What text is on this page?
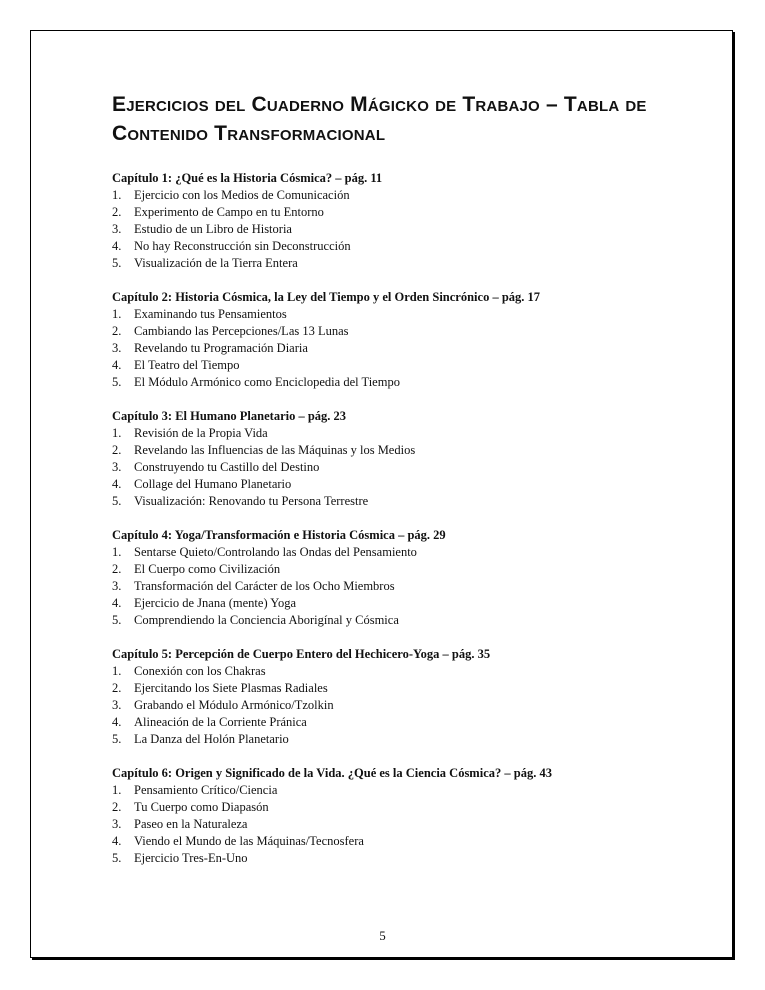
Ejercicios del Cuaderno Mágicko de Trabajo – Tabla de Contenido Transformacional
Capítulo 1: ¿Qué es la Historia Cósmica? – pág. 11
1.	Ejercicio con los Medios de Comunicación
2.	Experimento de Campo en tu Entorno
3.	Estudio de un Libro de Historia
4.	No hay Reconstrucción sin Deconstrucción
5.	Visualización de la Tierra Entera
Capítulo 2: Historia Cósmica, la Ley del Tiempo y el Orden Sincrónico – pág. 17
1.	Examinando tus Pensamientos
2.	Cambiando las Percepciones/Las 13 Lunas
3.	Revelando tu Programación Diaria
4.	El Teatro del Tiempo
5.	El Módulo Armónico como Enciclopedia del Tiempo
Capítulo 3: El Humano Planetario – pág. 23
1.	Revisión de la Propia Vida
2.	Revelando las Influencias de las Máquinas y los Medios
3.	Construyendo tu Castillo del Destino
4.	Collage del Humano Planetario
5.	Visualización: Renovando tu Persona Terrestre
Capítulo 4: Yoga/Transformación e Historia Cósmica – pág. 29
1.	Sentarse Quieto/Controlando las Ondas del Pensamiento
2.	El Cuerpo como Civilización
3.	Transformación del Carácter de los Ocho Miembros
4.	Ejercicio de Jnana (mente) Yoga
5.	Comprendiendo la Conciencia Aborigínal y Cósmica
Capítulo 5: Percepción de Cuerpo Entero del Hechicero-Yoga – pág. 35
1.	Conexión con los Chakras
2.	Ejercitando los Siete Plasmas Radiales
3.	Grabando el Módulo Armónico/Tzolkin
4.	Alineación de la Corriente Pránica
5.	La Danza del Holón Planetario
Capítulo 6: Origen y Significado de la Vida. ¿Qué es la Ciencia Cósmica? – pág. 43
1.	Pensamiento Crítico/Ciencia
2.	Tu Cuerpo como Diapasón
3.	Paseo en la Naturaleza
4.	Viendo el Mundo de las Máquinas/Tecnosfera
5.	Ejercicio Tres-En-Uno
5
